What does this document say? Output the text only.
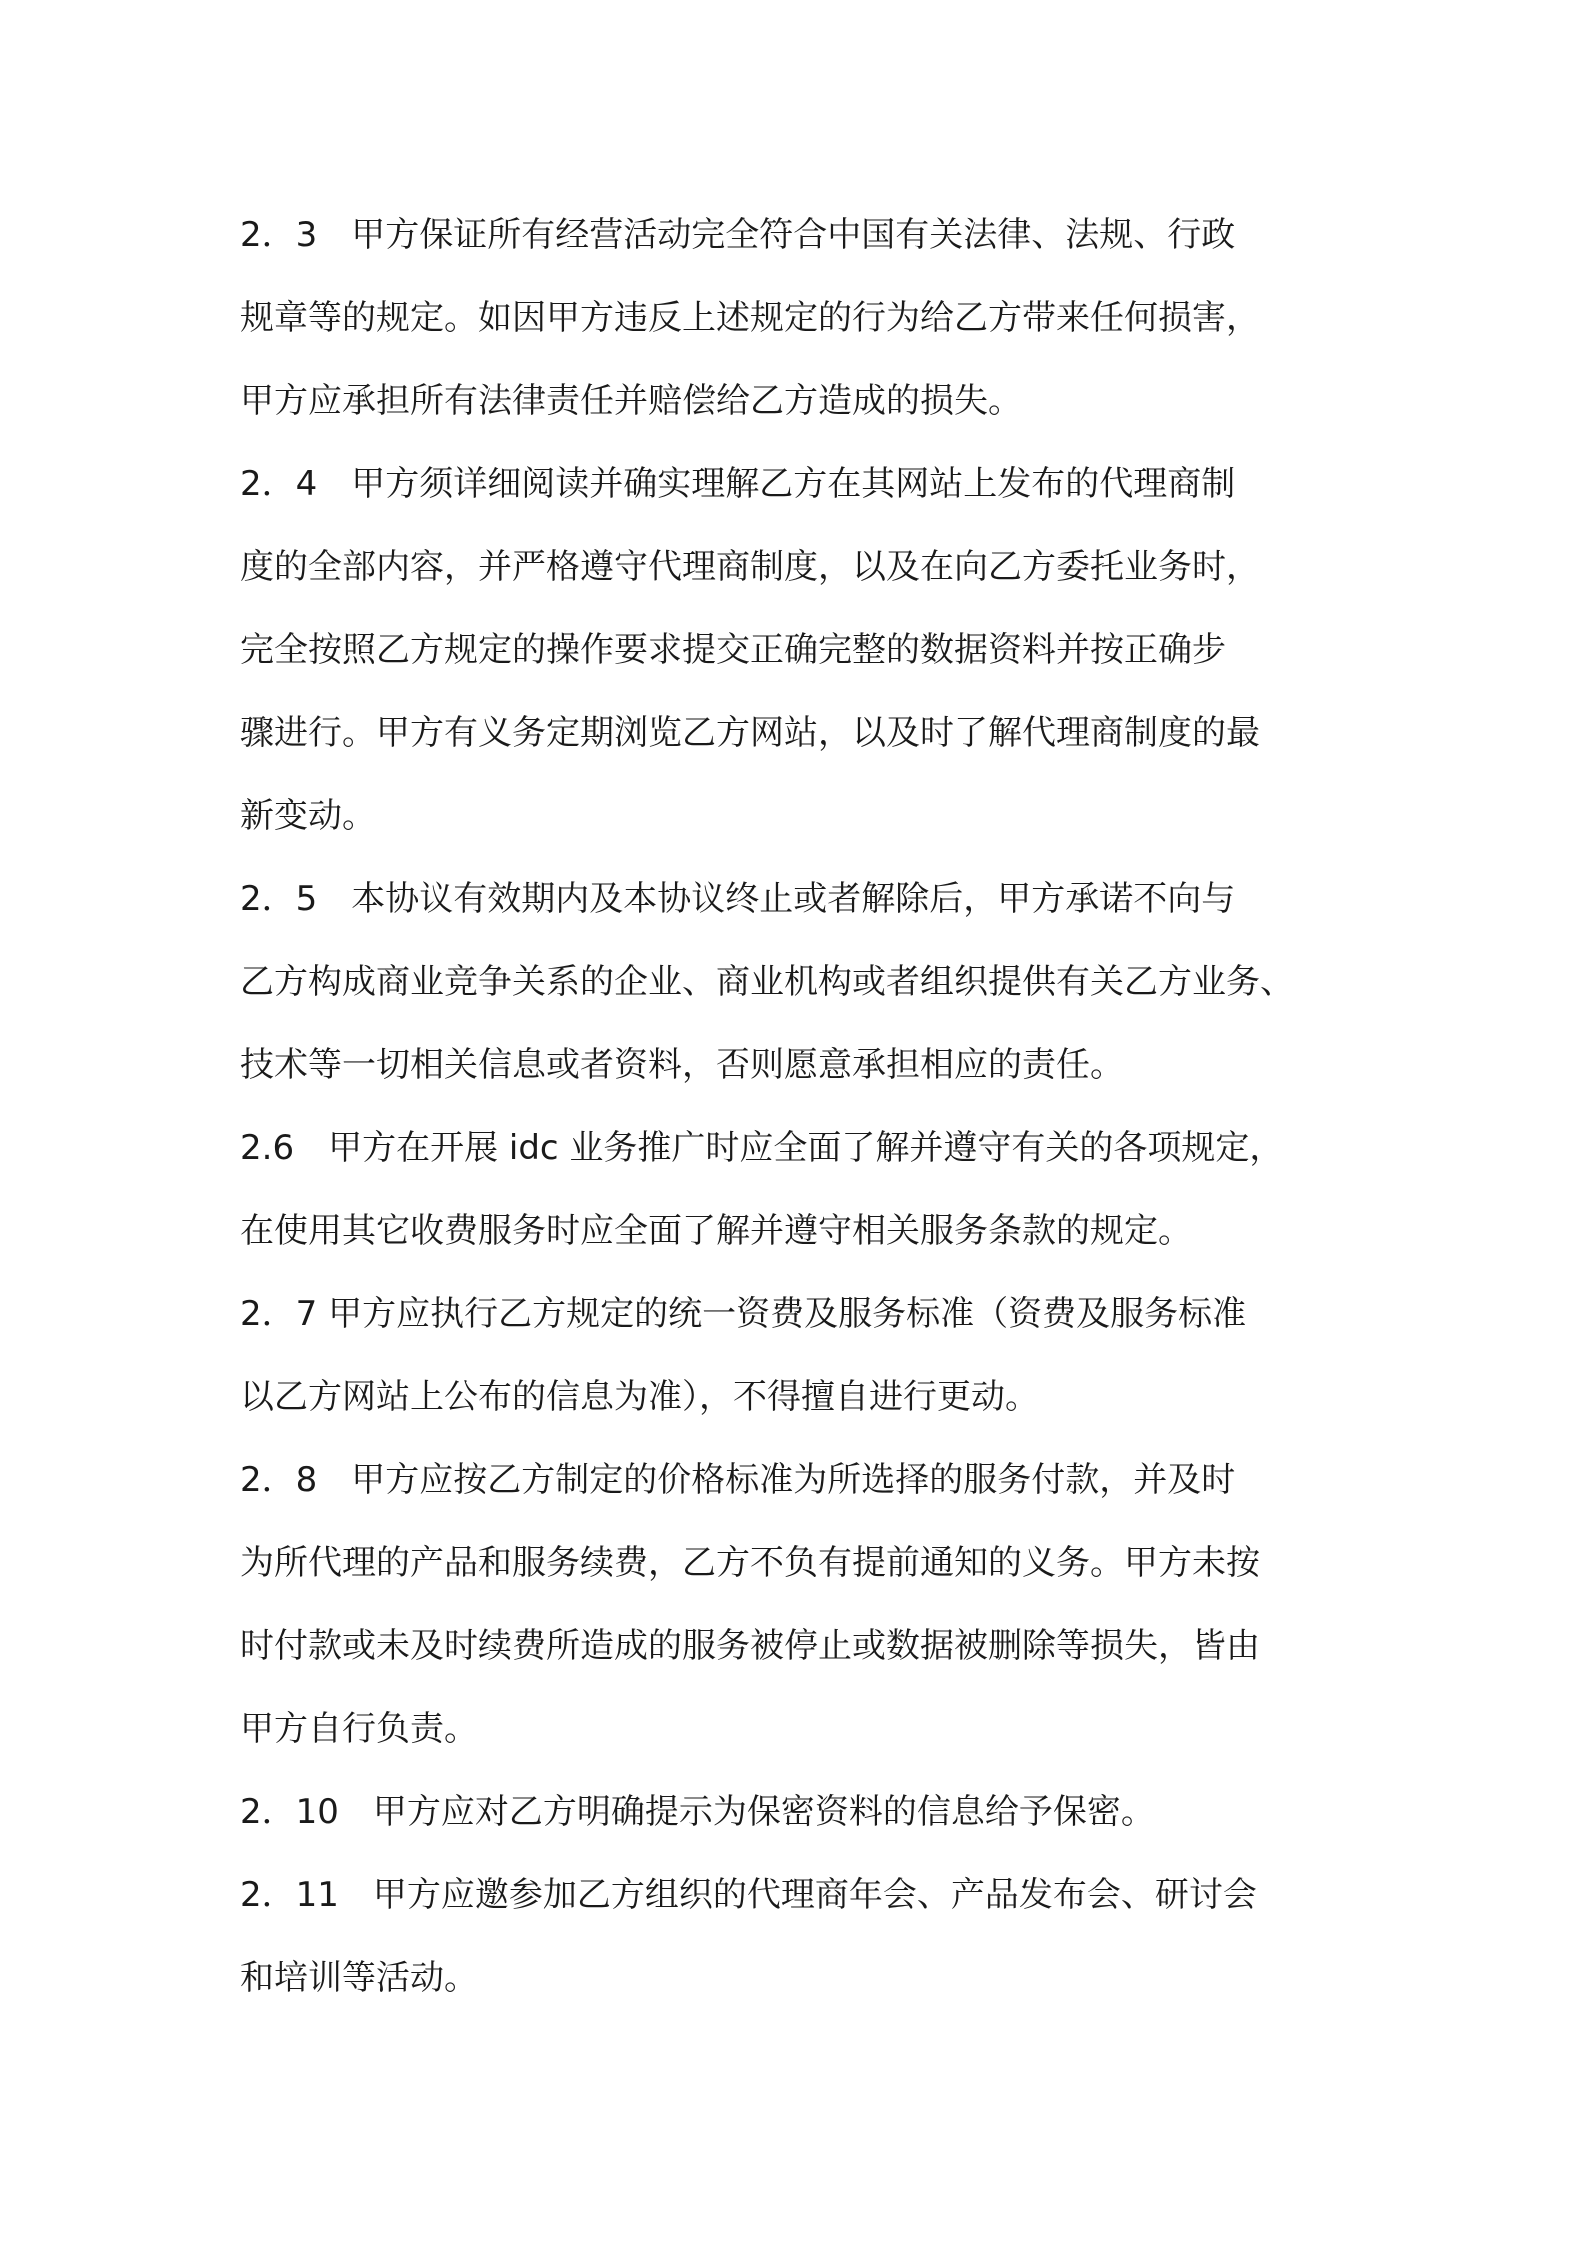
2．3　甲方保证所有经营活动完全符合中国有关法律、法规、行政
规章等的规定。如因甲方违反上述规定的行为给乙方带来任何损害，
甲方应承担所有法律责任并赔偿给乙方造成的损失。
2．4　甲方须详细阅读并确实理解乙方在其网站上发布的代理商制
度的全部内容，并严格遵守代理商制度，以及在向乙方委托业务时，
完全按照乙方规定的操作要求提交正确完整的数据资料并按正确步
骤进行。甲方有义务定期浏览乙方网站，以及时了解代理商制度的最
新变动。
2．5　本协议有效期内及本协议终止或者解除后，甲方承诺不向与
乙方构成商业竞争关系的企业、商业机构或者组织提供有关乙方业务、
技术等一切相关信息或者资料，否则愿意承担相应的责任。
2.6　甲方在开展 idc 业务推广时应全面了解并遵守有关的各项规定，
在使用其它收费服务时应全面了解并遵守相关服务条款的规定。
2．7 甲方应执行乙方规定的统一资费及服务标准（资费及服务标准
以乙方网站上公布的信息为准），不得擅自进行更动。
2．8　甲方应按乙方制定的价格标准为所选择的服务付款，并及时
为所代理的产品和服务续费，乙方不负有提前通知的义务。甲方未按
时付款或未及时续费所造成的服务被停止或数据被删除等损失，皆由
甲方自行负责。
2．10　甲方应对乙方明确提示为保密资料的信息给予保密。
2．11　甲方应邀参加乙方组织的代理商年会、产品发布会、研讨会
和培训等活动。
